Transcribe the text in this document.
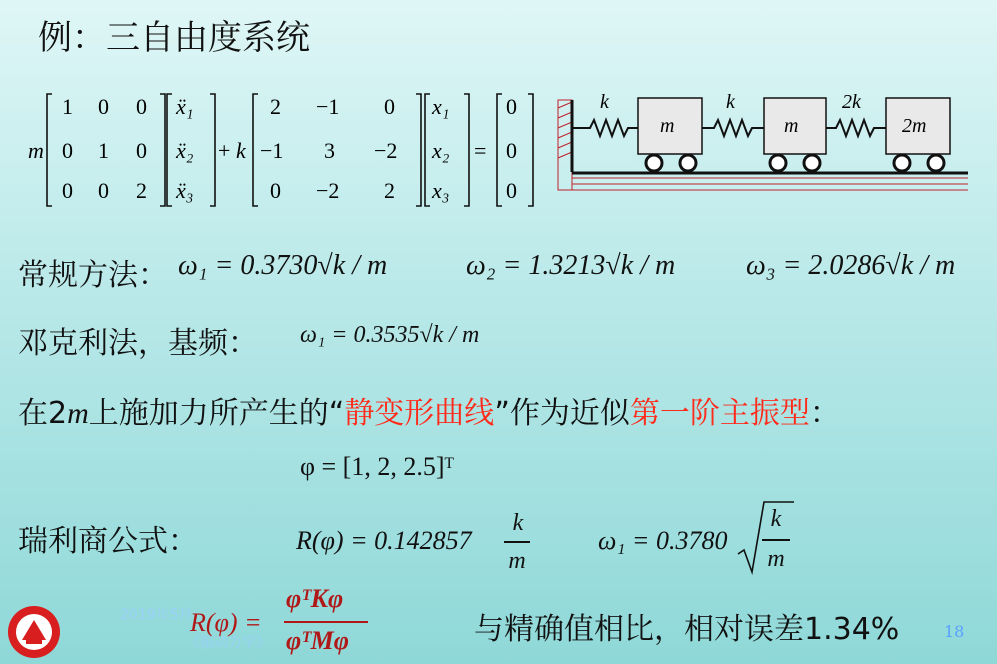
例：三自由度系统
m
1 0 0
0 1 0
0 0 2
ẍ₁
ẍ₂
ẍ₃
+ k
2 −1 0
−1 3 −2
0 −2 2
x₁
x₂
x₃
=
0
0
0
k	k	2k
m	m	2m
常规方法： ω₁ = 0.3730√k / m	ω₂ = 1.3213√k / m	ω₃ = 2.0286√k / m
邓克利法，基频： ω₁ = 0.3535√k / m
在2m上施加力所产生的“静变形曲线”作为近似第一阶主振型：
φ = [1, 2, 2.5]ᵀ
瑞利商公式：	R(φ) = 0.142857
k
m
ω₁ = 0.3780
k
m
R(φ) =
φᵀKφ
φᵀMφ	与精确值相比，相对误差1.34%
2019年5月
《振动力学》
18
